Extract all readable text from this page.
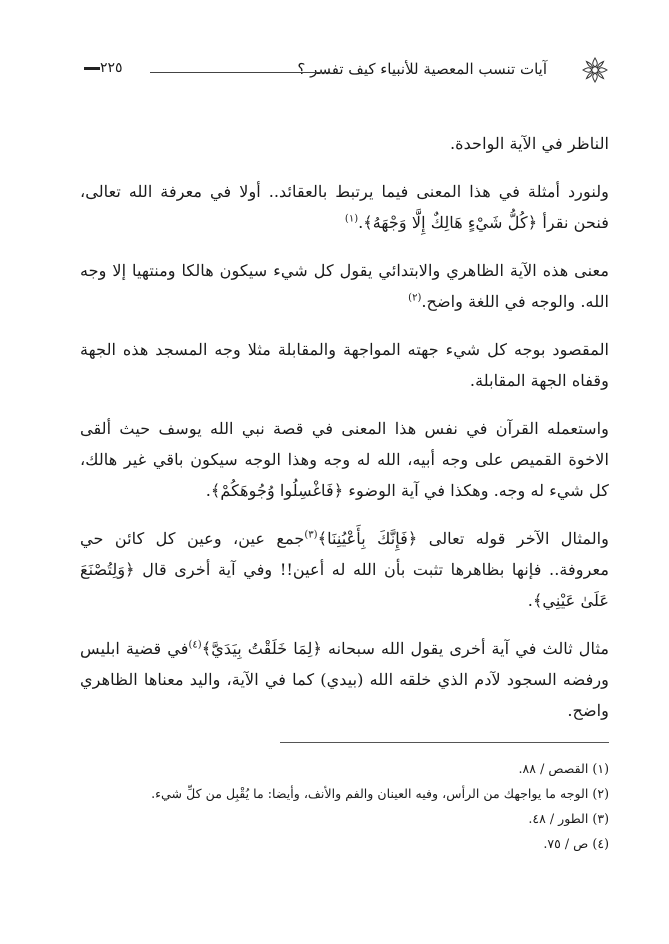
آيات تنسب المعصية للأنبياء كيف تفسر ؟
٢٢٥

الناظر في الآية الواحدة.

ولنورد أمثلة في هذا المعنى فيما يرتبط بالعقائد.. أولا في معرفة الله تعالى، فنحن نقرأ ﴿كُلُّ شَيْءٍ هَالِكٌ إِلَّا وَجْهَهُ﴾.$^{(١)}$

معنى هذه الآية الظاهري والابتدائي يقول كل شيء سيكون هالكا ومنتهيا إلا وجه الله. والوجه في اللغة واضح.$^{(٢)}$

المقصود بوجه كل شيء جهته المواجهة والمقابلة مثلا وجه المسجد هذه الجهة وقفاه الجهة المقابلة.

واستعمله القرآن في نفس هذا المعنى في قصة نبي الله يوسف حيث ألقى الاخوة القميص على وجه أبيه، الله له وجه وهذا الوجه سيكون باقي غير هالك، كل شيء له وجه. وهكذا في آية الوضوء ﴿فَاغْسِلُوا وُجُوهَكُمْ﴾.

والمثال الآخر قوله تعالى ﴿فَإِنَّكَ بِأَعْيُنِنَا﴾$^{(٣)}$جمع عين، وعين كل كائن حي معروفة.. فإنها بظاهرها تثبت بأن الله له أعين!! وفي آية أخرى قال ﴿وَلِتُصْنَعَ عَلَىٰ عَيْنِي﴾.

مثال ثالث في آية أخرى يقول الله سبحانه ﴿لِمَا خَلَقْتُ بِيَدَيَّ﴾$^{(٤)}$في قضية ابليس ورفضه السجود لآدم الذي خلقه الله (بيدي) كما في الآية، واليد معناها الظاهري واضح.

(١) القصص / ٨٨.
(٢) الوجه ما يواجهك من الرأس، وفيه العينان والفم والأنف، وأيضا: ما يُقْبِل من كلِّ شيء.
(٣) الطور / ٤٨.
(٤) ص / ٧٥.
